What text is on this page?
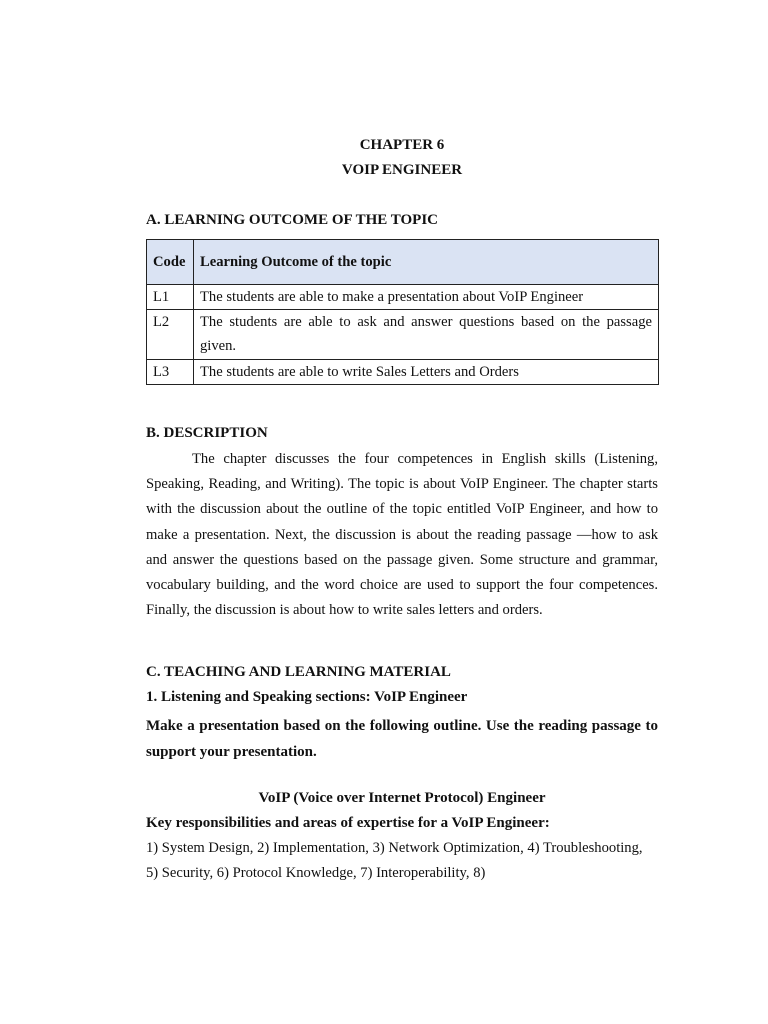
CHAPTER 6
VOIP ENGINEER
A. LEARNING OUTCOME OF THE TOPIC
Code	Learning Outcome of the topic
L1	The students are able to make a presentation about VoIP Engineer
L2	The students are able to ask and answer questions based on the passage given.
L3	The students are able to write Sales Letters and Orders
B. DESCRIPTION

The chapter discusses the four competences in English skills (Listening, Speaking, Reading, and Writing). The topic is about VoIP Engineer. The chapter starts with the discussion about the outline of the topic entitled VoIP Engineer, and how to make a presentation. Next, the discussion is about the reading passage —how to ask and answer the questions based on the passage given. Some structure and grammar, vocabulary building, and the word choice are used to support the four competences. Finally, the discussion is about how to write sales letters and orders.

C. TEACHING AND LEARNING MATERIAL
1. Listening and Speaking sections: VoIP Engineer
Make a presentation based on the following outline. Use the reading passage to support your presentation.
VoIP (Voice over Internet Protocol) Engineer
Key responsibilities and areas of expertise for a VoIP Engineer:
1) System Design, 2) Implementation, 3) Network Optimization, 4) Troubleshooting, 5) Security, 6) Protocol Knowledge, 7) Interoperability, 8)
